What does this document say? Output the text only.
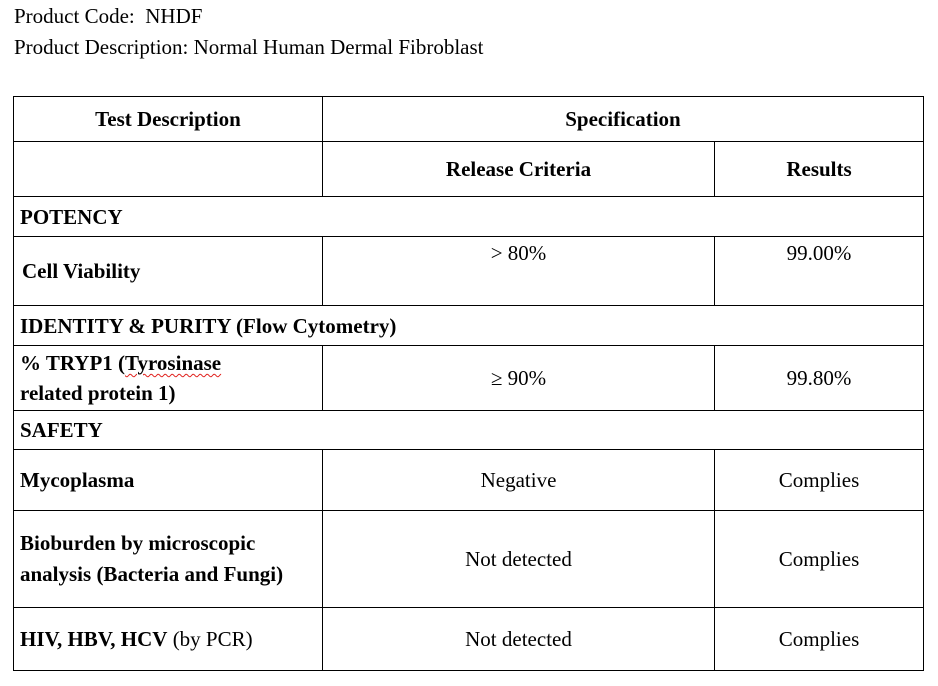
Product Code: NHDF
Product Description: Normal Human Dermal Fibroblast
Test Description	Specification	
	Release Criteria	Results
POTENCY		
Cell Viability	> 80%	99.00%
IDENTITY & PURITY (Flow Cytometry)		
% TRYP1 (Tyrosinase
related protein 1)	≥ 90%	99.80%
SAFETY		
Mycoplasma	Negative	Complies
Bioburden by microscopic analysis (Bacteria and Fungi)	Not detected	Complies
HIV, HBV, HCV (by PCR)	Not detected	Complies
